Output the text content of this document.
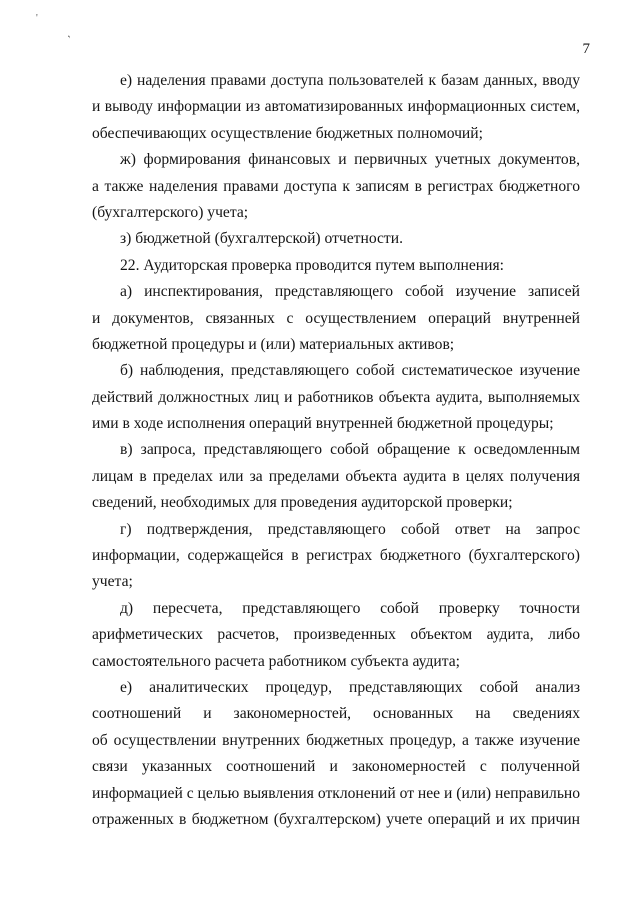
'
‚
7
е) наделения правами доступа пользователей к базам данных, вводу
и выводу информации из автоматизированных информационных систем,
обеспечивающих осуществление бюджетных полномочий;
ж) формирования финансовых и первичных учетных документов,
а также наделения правами доступа к записям в регистрах бюджетного
(бухгалтерского) учета;
з) бюджетной (бухгалтерской) отчетности.
22. Аудиторская проверка проводится путем выполнения:
а) инспектирования, представляющего собой изучение записей
и документов, связанных с осуществлением операций внутренней
бюджетной процедуры и (или) материальных активов;
б) наблюдения, представляющего собой систематическое изучение
действий должностных лиц и работников объекта аудита, выполняемых
ими в ходе исполнения операций внутренней бюджетной процедуры;
в) запроса, представляющего собой обращение к осведомленным
лицам в пределах или за пределами объекта аудита в целях получения
сведений, необходимых для проведения аудиторской проверки;
г) подтверждения, представляющего собой ответ на запрос
информации, содержащейся в регистрах бюджетного (бухгалтерского)
учета;
д) пересчета, представляющего собой проверку точности
арифметических расчетов, произведенных объектом аудита, либо
самостоятельного расчета работником субъекта аудита;
е) аналитических процедур, представляющих собой анализ
соотношений и закономерностей, основанных на сведениях
об осуществлении внутренних бюджетных процедур, а также изучение
связи указанных соотношений и закономерностей с полученной
информацией с целью выявления отклонений от нее и (или) неправильно
отраженных в бюджетном (бухгалтерском) учете операций и их причин
